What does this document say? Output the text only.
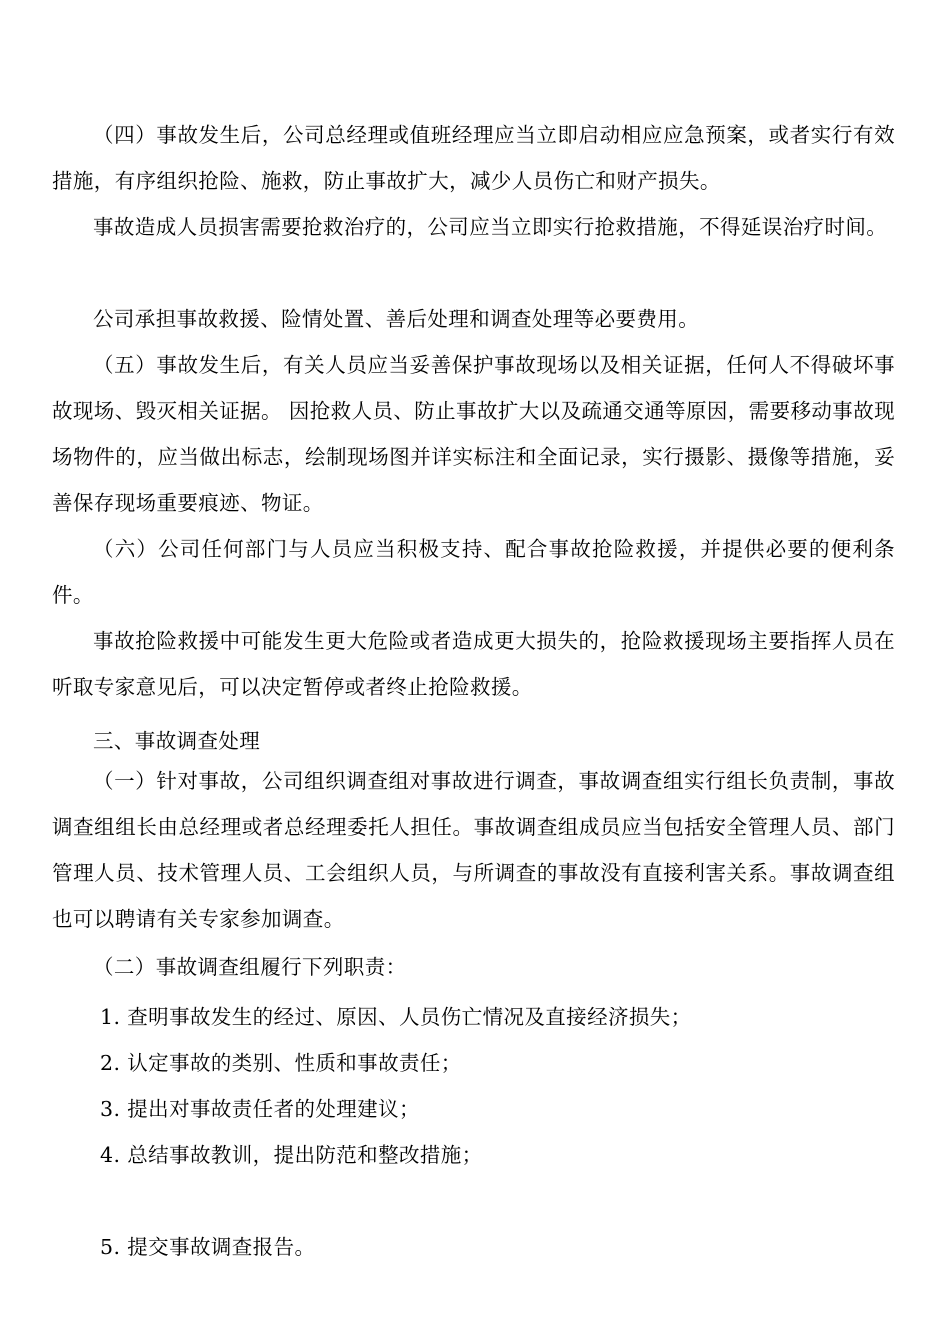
（四）事故发生后，公司总经理或值班经理应当立即启动相应应急预案，或者实行有效措施，有序组织抢险、施救，防止事故扩大，减少人员伤亡和财产损失。

事故造成人员损害需要抢救治疗的，公司应当立即实行抢救措施，不得延误治疗时间。

公司承担事故救援、险情处置、善后处理和调查处理等必要费用。

（五）事故发生后，有关人员应当妥善保护事故现场以及相关证据，任何人不得破坏事故现场、毁灭相关证据。 因抢救人员、防止事故扩大以及疏通交通等原因，需要移动事故现场物件的，应当做出标志，绘制现场图并详实标注和全面记录，实行摄影、摄像等措施，妥善保存现场重要痕迹、物证。

（六）公司任何部门与人员应当积极支持、配合事故抢险救援，并提供必要的便利条件。

事故抢险救援中可能发生更大危险或者造成更大损失的，抢险救援现场主要指挥人员在听取专家意见后，可以决定暂停或者终止抢险救援。

三、事故调查处理

（一）针对事故，公司组织调查组对事故进行调查，事故调查组实行组长负责制，事故调查组组长由总经理或者总经理委托人担任。事故调查组成员应当包括安全管理人员、部门管理人员、技术管理人员、工会组织人员，与所调查的事故没有直接利害关系。事故调查组也可以聘请有关专家参加调查。

（二）事故调查组履行下列职责：

1. 查明事故发生的经过、原因、人员伤亡情况及直接经济损失；

2. 认定事故的类别、性质和事故责任；

3. 提出对事故责任者的处理建议；

4. 总结事故教训，提出防范和整改措施；

5. 提交事故调查报告。
